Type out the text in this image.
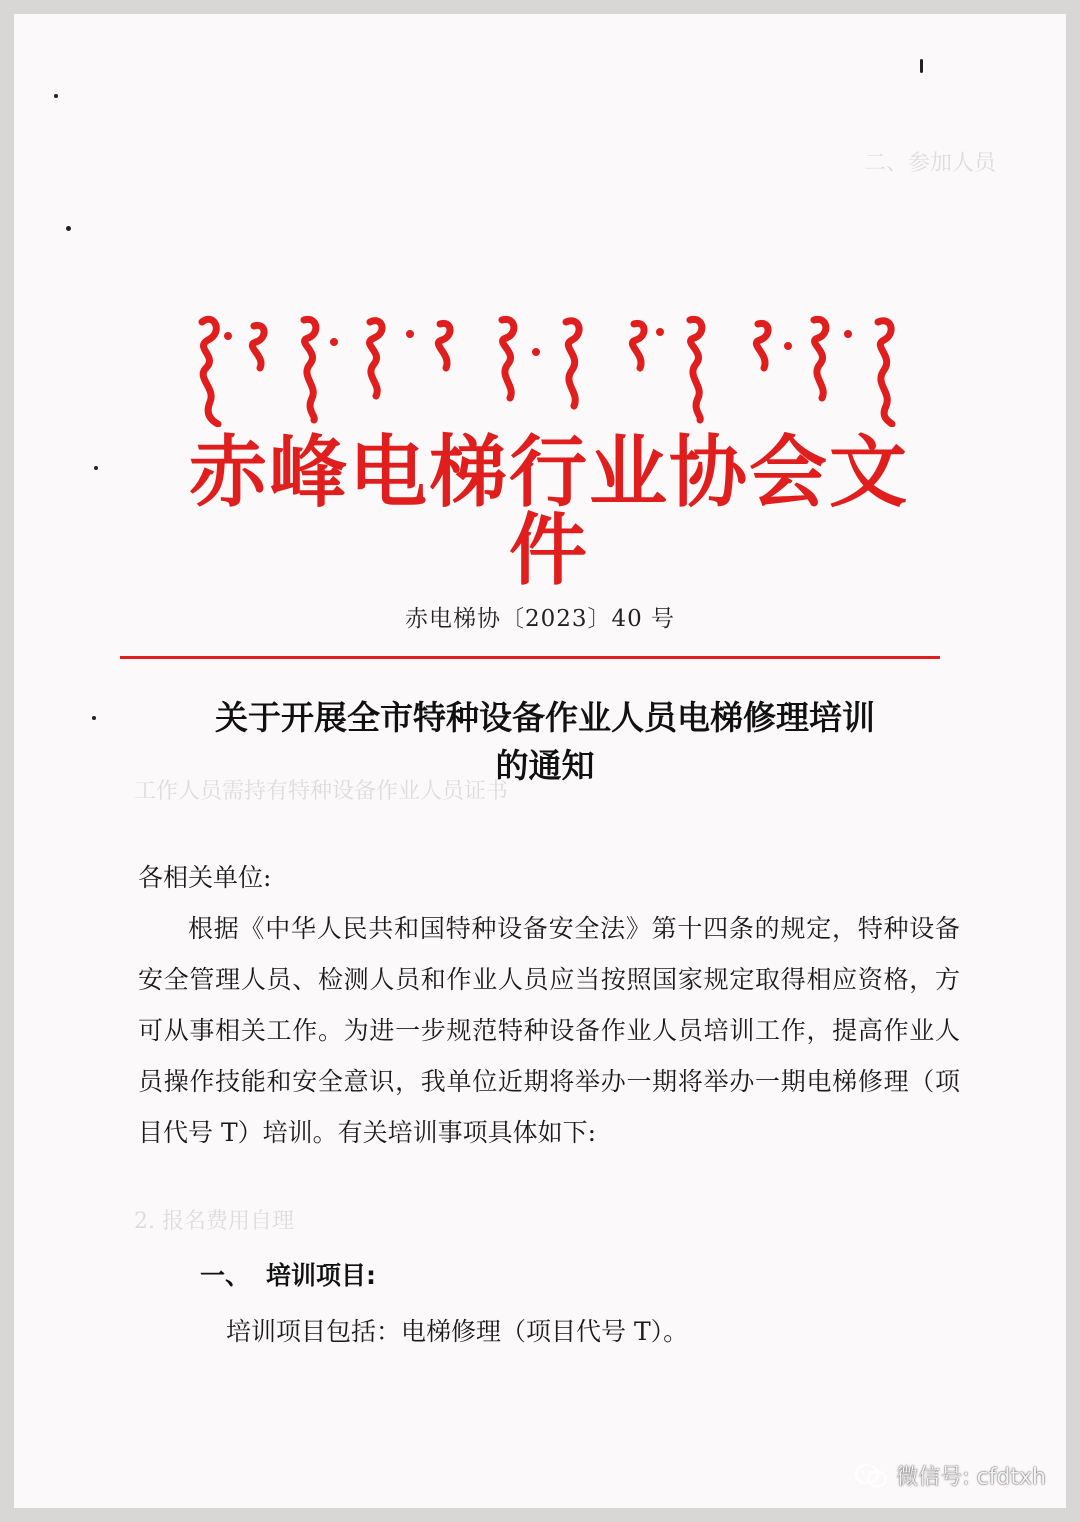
二、参加人员
工作人员需持有特种设备作业人员证书
2. 报名费用自理
赤峰电梯行业协会文件
赤电梯协〔2023〕40 号
关于开展全市特种设备作业人员电梯修理培训
的通知

各相关单位:

根据《中华人民共和国特种设备安全法》第十四条的规定，特种设备安全管理人员、检测人员和作业人员应当按照国家规定取得相应资格，方可从事相关工作。为进一步规范特种设备作业人员培训工作，提高作业人员操作技能和安全意识，我单位近期将举办一期将举办一期电梯修理（项目代号 T）培训。有关培训事项具体如下:

一、 培训项目:
培训项目包括：电梯修理（项目代号 T）。
微信号: cfdtxh
